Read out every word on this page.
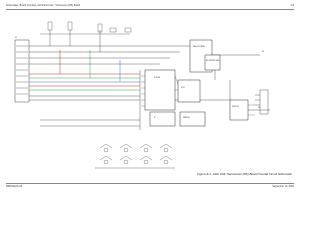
Schematics, Board Overlays, and Parts Lists : Transceiver (RF) Board	6-5
PA & FILTERS
VCO
SYNTH
IF
RX FRONT END
DEMOD
SUPPLY
J1
J2
J3
Figure 6-1. UHF VHF Transceiver (RF) Board Overall Circuit Schematic
6881094C31-B	September 10, 2003
